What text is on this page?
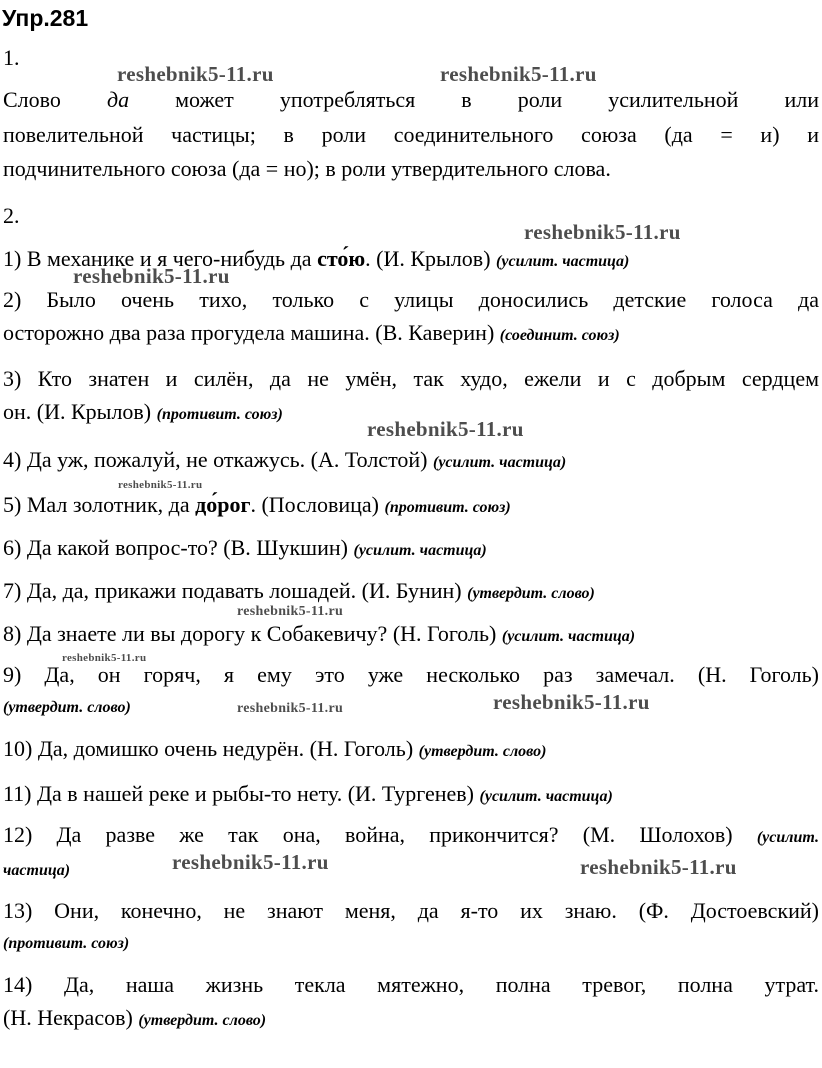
Упр.281
1.
Слово да может употребляться в роли усилительной или
повелительной частицы; в роли соединительного союза (да = и) и
подчинительного союза (да = но); в роли утвердительного слова.
2.
1) В механике и я чего-нибудь да сто́ю. (И. Крылов) (усилит. частица)
2) Было очень тихо, только с улицы доносились детские голоса да
осторожно два раза прогудела машина. (В. Каверин) (соединит. союз)
3) Кто знатен и силён, да не умён, так худо, ежели и с добрым сердцем
он. (И. Крылов) (противит. союз)
4) Да уж, пожалуй, не откажусь. (А. Толстой) (усилит. частица)
5) Мал золотник, да до́рог. (Пословица) (противит. союз)
6) Да какой вопрос-то? (В. Шукшин) (усилит. частица)
7) Да, да, прикажи подавать лошадей. (И. Бунин) (утвердит. слово)
8) Да знаете ли вы дорогу к Собакевичу? (Н. Гоголь) (усилит. частица)
9) Да, он горяч, я ему это уже несколько раз замечал. (Н. Гоголь)
(утвердит. слово)
10) Да, домишко очень недурён. (Н. Гоголь) (утвердит. слово)
11) Да в нашей реке и рыбы-то нету. (И. Тургенев) (усилит. частица)
12) Да разве же так она, война, прикончится? (М. Шолохов) (усилит.
частица)
13) Они, конечно, не знают меня, да я-то их знаю. (Ф. Достоевский)
(противит. союз)
14) Да, наша жизнь текла мятежно, полна тревог, полна утрат.
(Н. Некрасов) (утвердит. слово)
reshebnik5-11.ru	reshebnik5-11.ru
reshebnik5-11.ru
reshebnik5-11.ru
reshebnik5-11.ru
reshebnik5-11.ru
reshebnik5-11.ru
reshebnik5-11.ru
reshebnik5-11.ru	reshebnik5-11.ru
reshebnik5-11.ru	reshebnik5-11.ru
